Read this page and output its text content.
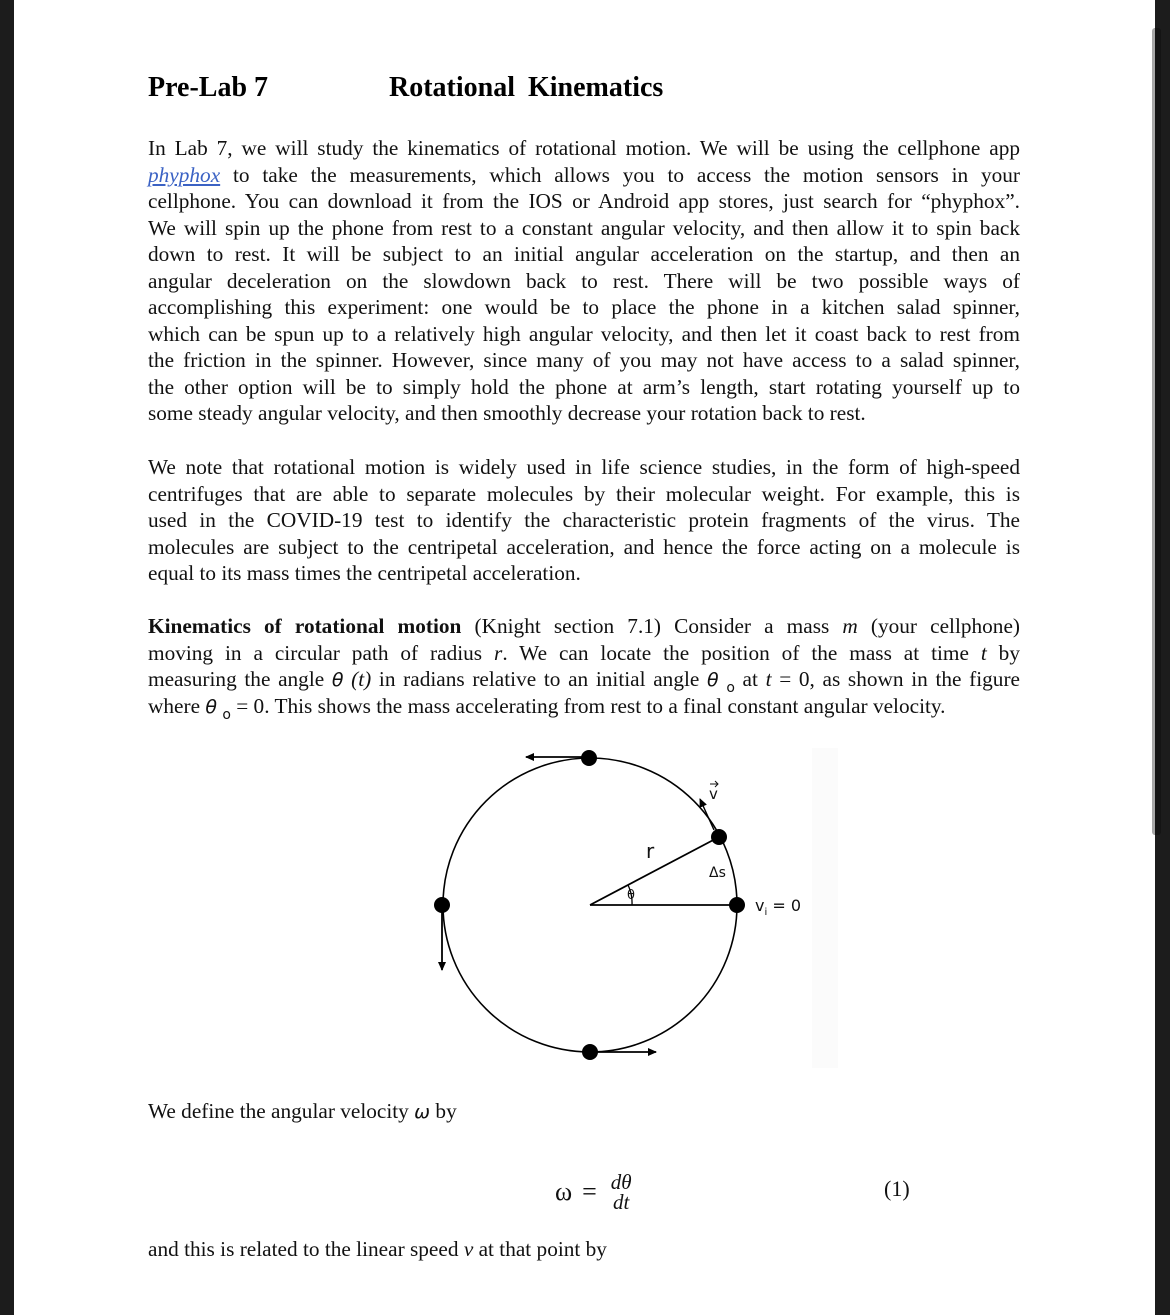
Pre-Lab 7	Rotational Kinematics
In Lab 7, we will study the kinematics of rotational motion. We will be using the cellphone app
phyphox to take the measurements, which allows you to access the motion sensors in your
cellphone. You can download it from the IOS or Android app stores, just search for “phyphox”.
We will spin up the phone from rest to a constant angular velocity, and then allow it to spin back
down to rest. It will be subject to an initial angular acceleration on the startup, and then an
angular deceleration on the slowdown back to rest. There will be two possible ways of
accomplishing this experiment: one would be to place the phone in a kitchen salad spinner,
which can be spun up to a relatively high angular velocity, and then let it coast back to rest from
the friction in the spinner. However, since many of you may not have access to a salad spinner,
the other option will be to simply hold the phone at arm’s length, start rotating yourself up to
some steady angular velocity, and then smoothly decrease your rotation back to rest.
We note that rotational motion is widely used in life science studies, in the form of high-speed
centrifuges that are able to separate molecules by their molecular weight. For example, this is
used in the COVID-19 test to identify the characteristic protein fragments of the virus. The
molecules are subject to the centripetal acceleration, and hence the force acting on a molecule is
equal to its mass times the centripetal acceleration.
Kinematics of rotational motion (Knight section 7.1) Consider a mass m (your cellphone)
moving in a circular path of radius r. We can locate the position of the mass at time t by
measuring the angle θ (t) in radians relative to an initial angle θ $_o$ at t = 0, as shown in the figure
where θ $_o$ = 0. This shows the mass accelerating from rest to a final constant angular velocity.
r
θ
Δs
v
$v_i = 0$
We define the angular velocity ω by
ω = dθ
dt
(1)
and this is related to the linear speed v at that point by
